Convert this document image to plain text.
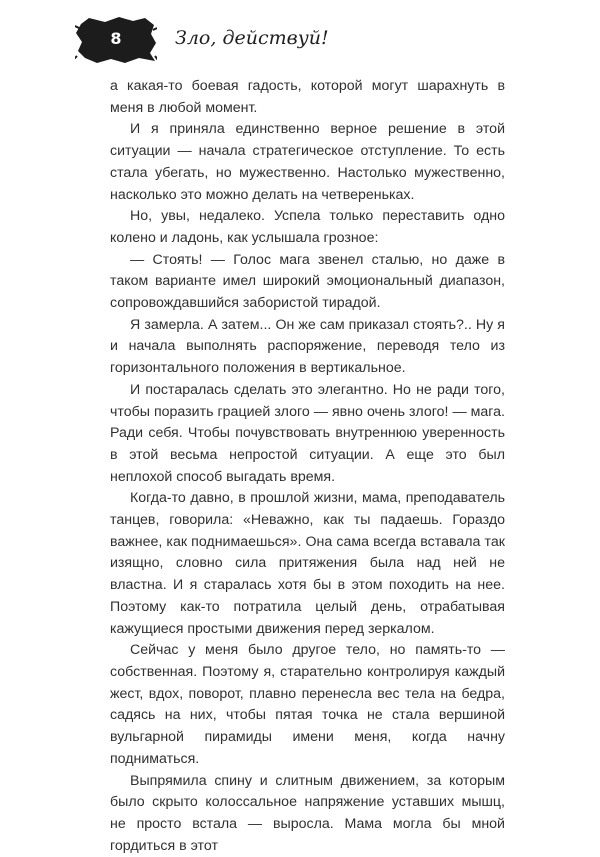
8	Зло, действуй!

а какая-то боевая гадость, которой могут шарахнуть в меня в любой момент.

И я приняла единственно верное решение в этой ситуации — начала стратегическое отступление. То есть стала убегать, но мужественно. Настолько мужественно, насколько это можно делать на четвереньках.

Но, увы, недалеко. Успела только переставить одно колено и ладонь, как услышала грозное:

— Стоять! — Голос мага звенел сталью, но даже в таком варианте имел широкий эмоциональный диапазон, сопровождавшийся забористой тирадой.

Я замерла. А затем... Он же сам приказал стоять?.. Ну я и начала выполнять распоряжение, переводя тело из горизонтального положения в вертикальное.

И постаралась сделать это элегантно. Но не ради того, чтобы поразить грацией злого — явно очень злого! — мага. Ради себя. Чтобы почувствовать внутреннюю уверенность в этой весьма непростой ситуации. А еще это был неплохой способ выгадать время.

Когда-то давно, в прошлой жизни, мама, преподаватель танцев, говорила: «Неважно, как ты падаешь. Гораздо важнее, как поднимаешься». Она сама всегда вставала так изящно, словно сила притяжения была над ней не властна. И я старалась хотя бы в этом походить на нее. Поэтому как-то потратила целый день, отрабатывая кажущиеся простыми движения перед зеркалом.

Сейчас у меня было другое тело, но память-то — собственная. Поэтому я, старательно контролируя каждый жест, вдох, поворот, плавно перенесла вес тела на бедра, садясь на них, чтобы пятая точка не стала вершиной вульгарной пирамиды имени меня, когда начну подниматься.

Выпрямила спину и слитным движением, за которым было скрыто колоссальное напряжение уставших мышц, не просто встала — выросла. Мама могла бы мной гордиться в этот
